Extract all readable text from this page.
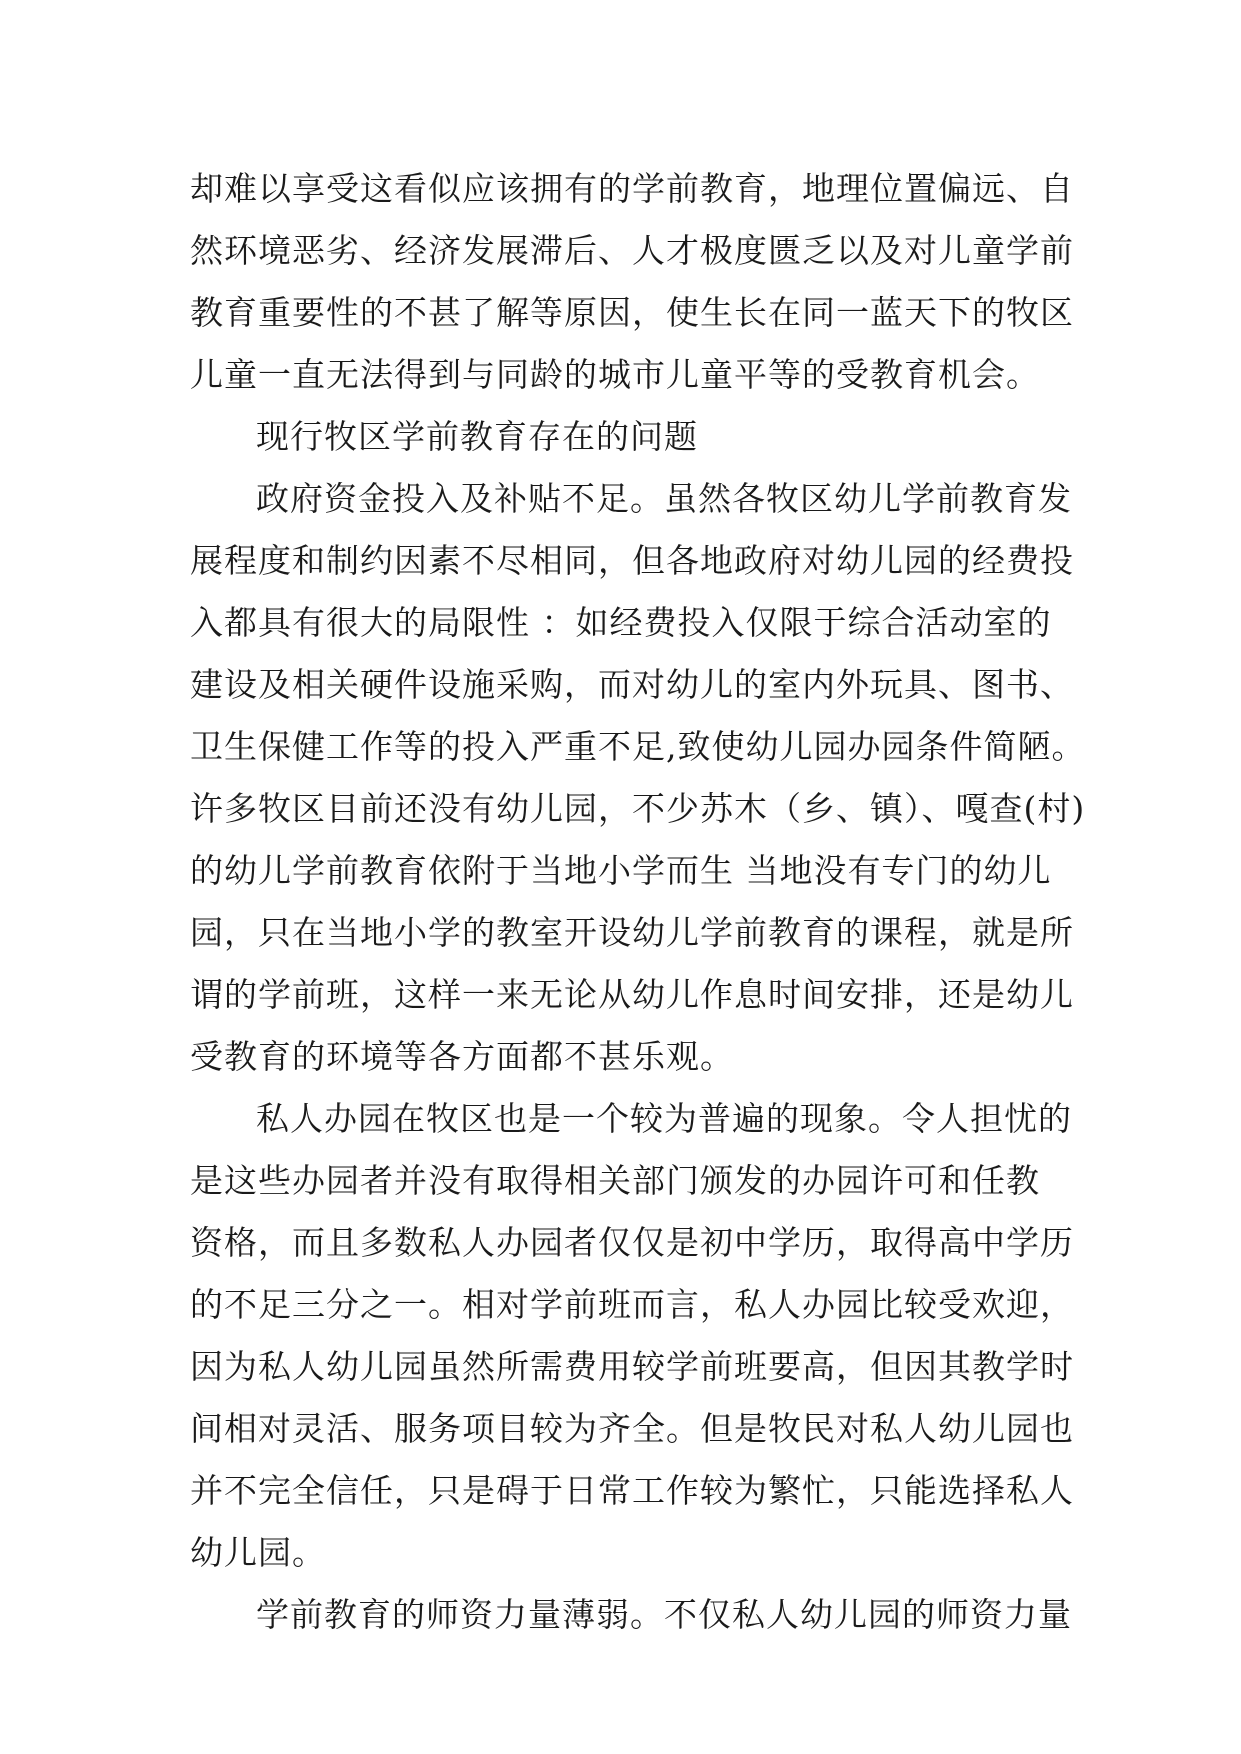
却难以享受这看似应该拥有的学前教育，地理位置偏远、自
然环境恶劣、经济发展滞后、人才极度匮乏以及对儿童学前
教育重要性的不甚了解等原因，使生长在同一蓝天下的牧区
儿童一直无法得到与同龄的城市儿童平等的受教育机会。
现行牧区学前教育存在的问题
政府资金投入及补贴不足。虽然各牧区幼儿学前教育发
展程度和制约因素不尽相同，但各地政府对幼儿园的经费投
入都具有很大的局限性 ：如经费投入仅限于综合活动室的
建设及相关硬件设施采购，而对幼儿的室内外玩具、图书、
卫生保健工作等的投入严重不足,致使幼儿园办园条件简陋。
许多牧区目前还没有幼儿园，不少苏木（乡、镇）、嘎查(村)
的幼儿学前教育依附于当地小学而生 当地没有专门的幼儿
园，只在当地小学的教室开设幼儿学前教育的课程，就是所
谓的学前班，这样一来无论从幼儿作息时间安排，还是幼儿
受教育的环境等各方面都不甚乐观。
私人办园在牧区也是一个较为普遍的现象。令人担忧的
是这些办园者并没有取得相关部门颁发的办园许可和任教
资格，而且多数私人办园者仅仅是初中学历，取得高中学历
的不足三分之一。相对学前班而言，私人办园比较受欢迎，
因为私人幼儿园虽然所需费用较学前班要高，但因其教学时
间相对灵活、服务项目较为齐全。但是牧民对私人幼儿园也
并不完全信任，只是碍于日常工作较为繁忙，只能选择私人
幼儿园。
学前教育的师资力量薄弱。不仅私人幼儿园的师资力量
